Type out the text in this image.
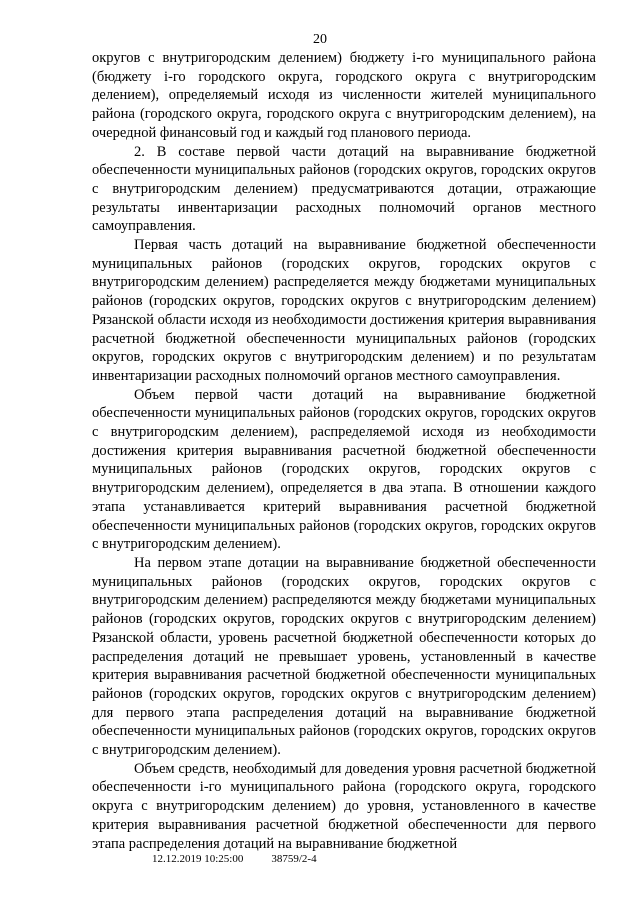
20

округов с внутригородским делением) бюджету i-го муниципального района (бюджету i-го городского округа, городского округа с внутригородским делением), определяемый исходя из численности жителей муниципального района (городского округа, городского округа с внутригородским делением), на очередной финансовый год и каждый год планового периода.

2. В составе первой части дотаций на выравнивание бюджетной обеспеченности муниципальных районов (городских округов, городских округов с внутригородским делением) предусматриваются дотации, отражающие результаты инвентаризации расходных полномочий органов местного самоуправления.

Первая часть дотаций на выравнивание бюджетной обеспеченности муниципальных районов (городских округов, городских округов с внутригородским делением) распределяется между бюджетами муниципальных районов (городских округов, городских округов с внутригородским делением) Рязанской области исходя из необходимости достижения критерия выравнивания расчетной бюджетной обеспеченности муниципальных районов (городских округов, городских округов с внутригородским делением) и по результатам инвентаризации расходных полномочий органов местного самоуправления.

Объем первой части дотаций на выравнивание бюджетной обеспеченности муниципальных районов (городских округов, городских округов с внутригородским делением), распределяемой исходя из необходимости достижения критерия выравнивания расчетной бюджетной обеспеченности муниципальных районов (городских округов, городских округов с внутригородским делением), определяется в два этапа. В отношении каждого этапа устанавливается критерий выравнивания расчетной бюджетной обеспеченности муниципальных районов (городских округов, городских округов с внутригородским делением).

На первом этапе дотации на выравнивание бюджетной обеспеченности муниципальных районов (городских округов, городских округов с внутригородским делением) распределяются между бюджетами муниципальных районов (городских округов, городских округов с внутригородским делением) Рязанской области, уровень расчетной бюджетной обеспеченности которых до распределения дотаций не превышает уровень, установленный в качестве критерия выравнивания расчетной бюджетной обеспеченности муниципальных районов (городских округов, городских округов с внутригородским делением) для первого этапа распределения дотаций на выравнивание бюджетной обеспеченности муниципальных районов (городских округов, городских округов с внутригородским делением).

Объем средств, необходимый для доведения уровня расчетной бюджетной обеспеченности i-го муниципального района (городского округа, городского округа с внутригородским делением) до уровня, установленного в качестве критерия выравнивания расчетной бюджетной обеспеченности для первого этапа распределения дотаций на выравнивание бюджетной

12.12.2019 10:25:00	38759/2-4
